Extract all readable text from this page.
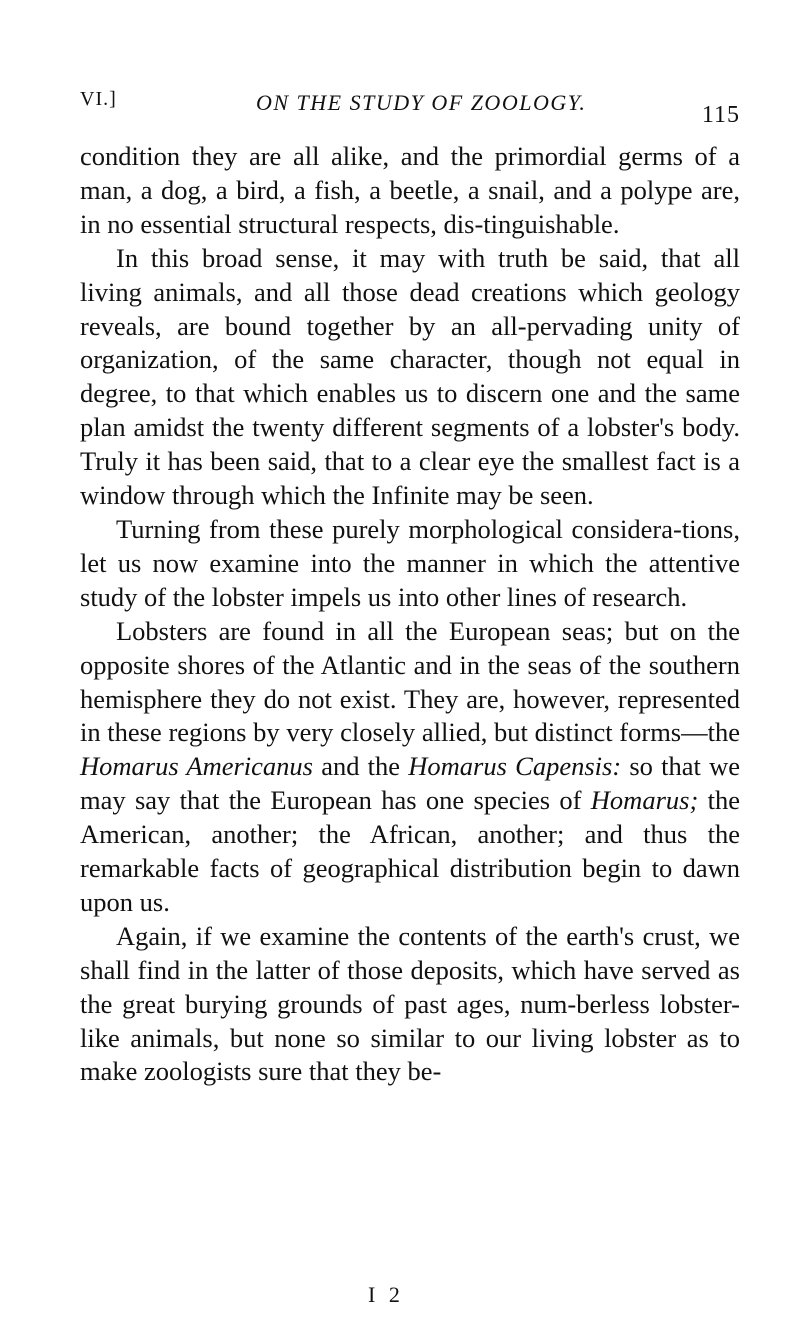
VI.]	ON THE STUDY OF ZOOLOGY.	115

condition they are all alike, and the primordial germs of a man, a dog, a bird, a fish, a beetle, a snail, and a polype are, in no essential structural respects, dis-tinguishable.

In this broad sense, it may with truth be said, that all living animals, and all those dead creations which geology reveals, are bound together by an all-pervading unity of organization, of the same character, though not equal in degree, to that which enables us to discern one and the same plan amidst the twenty different segments of a lobster's body. Truly it has been said, that to a clear eye the smallest fact is a window through which the Infinite may be seen.

Turning from these purely morphological considera-tions, let us now examine into the manner in which the attentive study of the lobster impels us into other lines of research.

Lobsters are found in all the European seas; but on the opposite shores of the Atlantic and in the seas of the southern hemisphere they do not exist. They are, however, represented in these regions by very closely allied, but distinct forms—the Homarus Americanus and the Homarus Capensis: so that we may say that the European has one species of Homarus; the American, another; the African, another; and thus the remarkable facts of geographical distribution begin to dawn upon us.

Again, if we examine the contents of the earth's crust, we shall find in the latter of those deposits, which have served as the great burying grounds of past ages, num-berless lobster-like animals, but none so similar to our living lobster as to make zoologists sure that they be-

I 2
